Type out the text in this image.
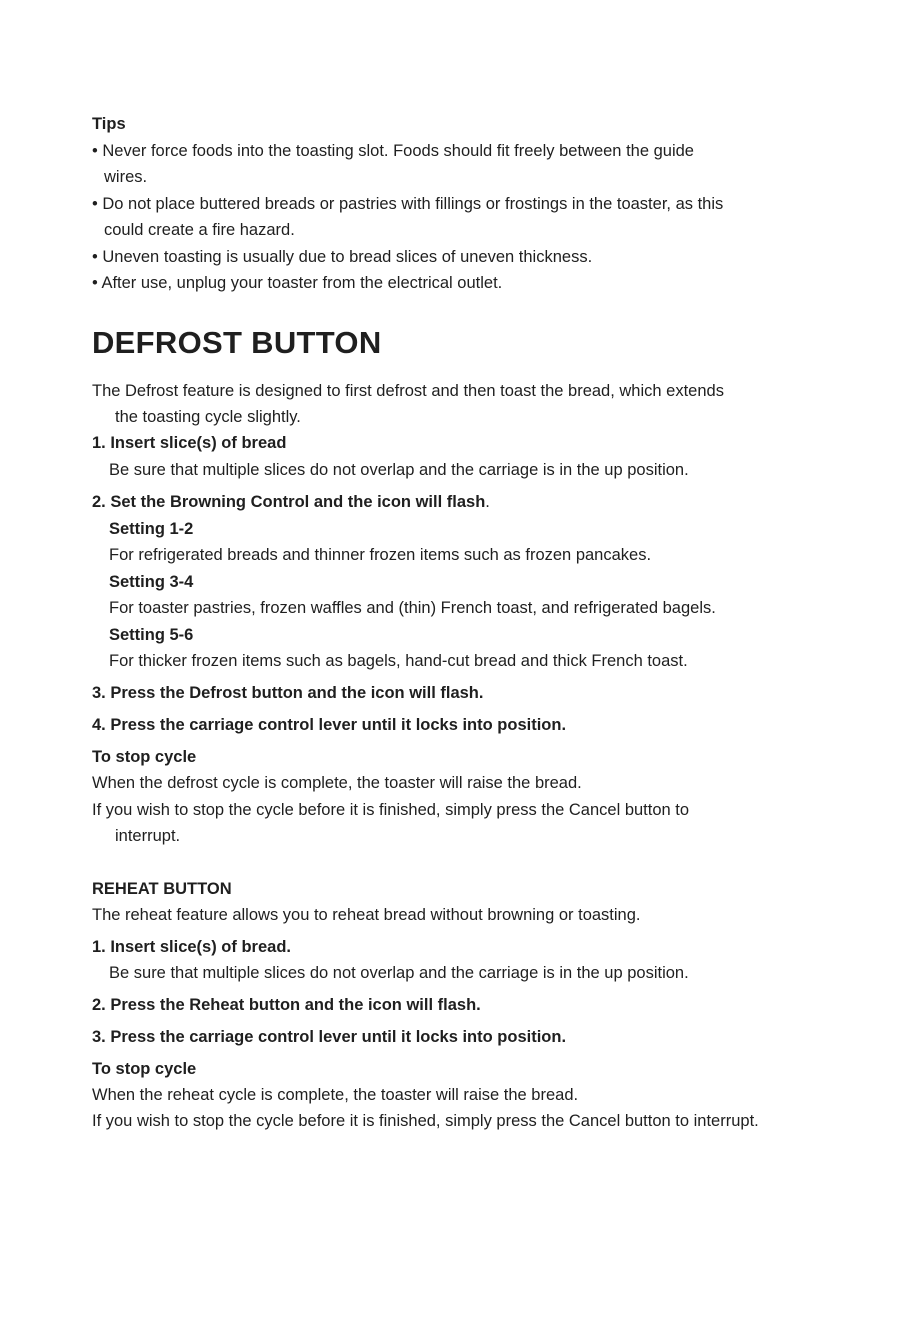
Tips
• Never force foods into the toasting slot. Foods should fit freely between the guide
wires.
• Do not place buttered breads or pastries with fillings or frostings in the toaster, as this
could create a fire hazard.
• Uneven toasting is usually due to bread slices of uneven thickness.
• After use, unplug your toaster from the electrical outlet.
DEFROST BUTTON
The Defrost feature is designed to first defrost and then toast the bread, which extends
the toasting cycle slightly.
1. Insert slice(s) of bread
Be sure that multiple slices do not overlap and the carriage is in the up position.
2. Set the Browning Control and the icon will flash.
Setting 1-2
For refrigerated breads and thinner frozen items such as frozen pancakes.
Setting 3-4
For toaster pastries, frozen waffles and (thin) French toast, and refrigerated bagels.
Setting 5-6
For thicker frozen items such as bagels, hand-cut bread and thick French toast.
3. Press the Defrost button and the icon will flash.
4. Press the carriage control lever until it locks into position.
To stop cycle
When the defrost cycle is complete, the toaster will raise the bread.
If you wish to stop the cycle before it is finished, simply press the Cancel button to
interrupt.
REHEAT BUTTON
The reheat feature allows you to reheat bread without browning or toasting.
1. Insert slice(s) of bread.
Be sure that multiple slices do not overlap and the carriage is in the up position.
2. Press the Reheat button and the icon will flash.
3. Press the carriage control lever until it locks into position.
To stop cycle
When the reheat cycle is complete, the toaster will raise the bread.
If you wish to stop the cycle before it is finished, simply press the Cancel button to interrupt.
